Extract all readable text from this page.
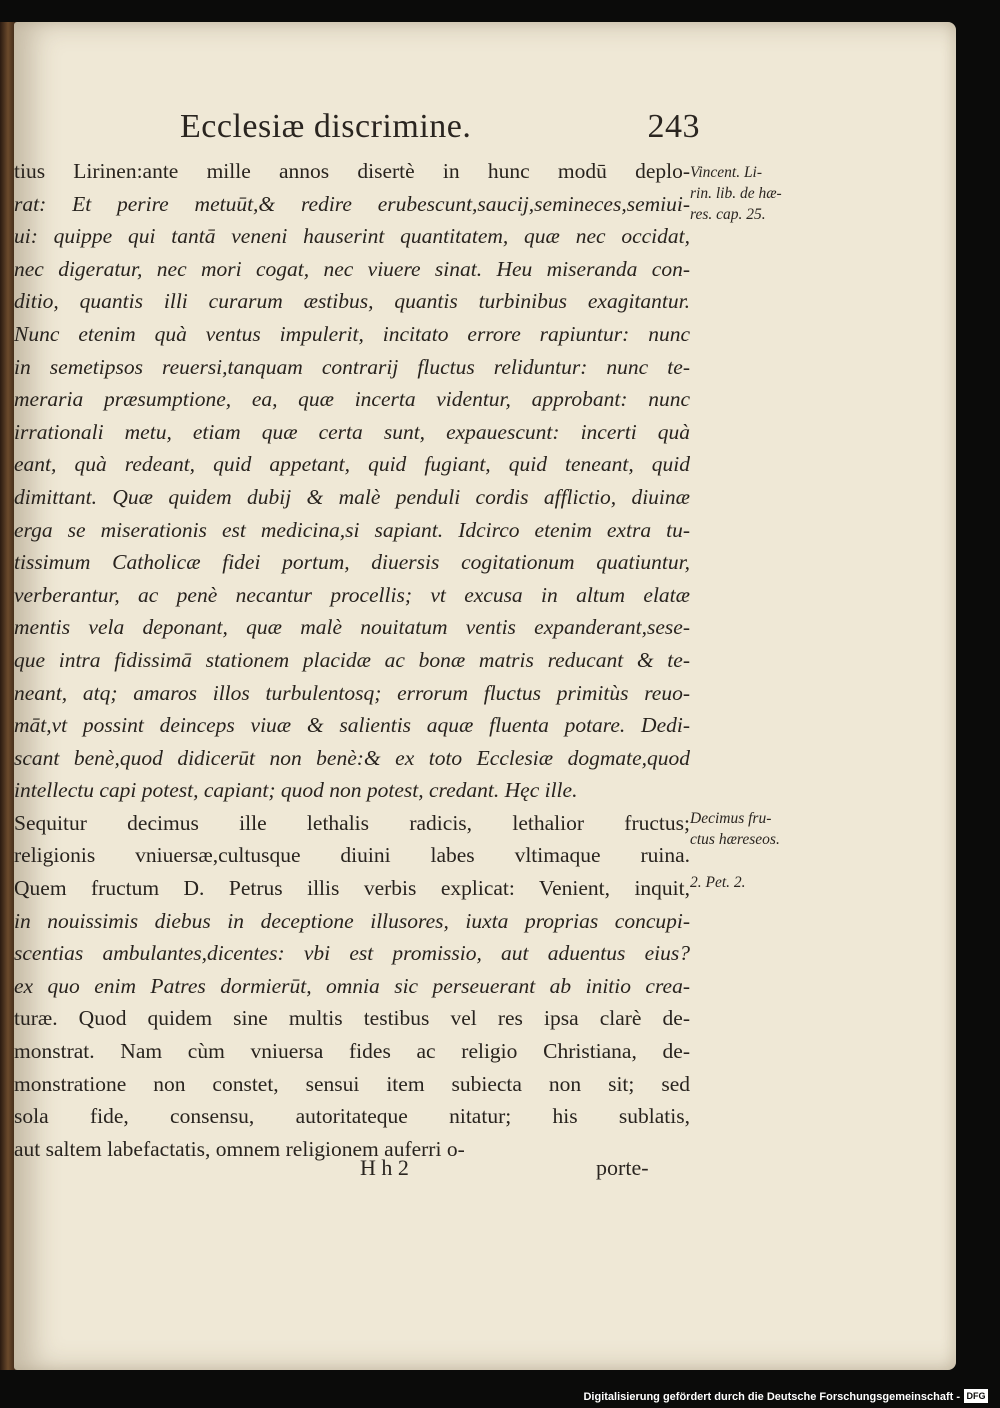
Ecclesiæ discrimine.	243
tius Lirinen:ante mille annos disertè in hunc modū deplo-
rat: Et perire metuūt,& redire erubescunt,saucij,semineces,semiui-
ui: quippe qui tantā veneni hauserint quantitatem, quæ nec occidat,
nec digeratur, nec mori cogat, nec viuere sinat. Heu miseranda con-
ditio, quantis illi curarum æstibus, quantis turbinibus exagitantur.
Nunc etenim quà ventus impulerit, incitato errore rapiuntur: nunc
in semetipsos reuersi,tanquam contrarij fluctus reliduntur: nunc te-
meraria præsumptione, ea, quæ incerta videntur, approbant: nunc
irrationali metu, etiam quæ certa sunt, expauescunt: incerti quà
eant, quà redeant, quid appetant, quid fugiant, quid teneant, quid
dimittant. Quæ quidem dubij & malè penduli cordis afflictio, diuinæ
erga se miserationis est medicina,si sapiant. Idcirco etenim extra tu-
tissimum Catholicæ fidei portum, diuersis cogitationum quatiuntur,
verberantur, ac penè necantur procellis; vt excusa in altum elatæ
mentis vela deponant, quæ malè nouitatum ventis expanderant,sese-
que intra fidissimā stationem placidæ ac bonæ matris reducant & te-
neant, atq; amaros illos turbulentosq; errorum fluctus primitùs reuo-
māt,vt possint deinceps viuæ & salientis aquæ fluenta potare. Dedi-
scant benè,quod didicerūt non benè:& ex toto Ecclesiæ dogmate,quod
intellectu capi potest, capiant; quod non potest, credant. Hęc ille.
Sequitur decimus ille lethalis radicis, lethalior fructus;
religionis vniuersæ,cultusque diuini labes vltimaque ruina.
Quem fructum D. Petrus illis verbis explicat: Venient, inquit,
in nouissimis diebus in deceptione illusores, iuxta proprias concupi-
scentias ambulantes,dicentes: vbi est promissio, aut aduentus eius?
ex quo enim Patres dormierūt, omnia sic perseuerant ab initio crea-
turæ. Quod quidem sine multis testibus vel res ipsa clarè de-
monstrat. Nam cùm vniuersa fides ac religio Christiana, de-
monstratione non constet, sensui item subiecta non sit; sed
sola fide, consensu, autoritateque nitatur; his sublatis,
aut saltem labefactatis, omnem religionem auferri o-
Vincent. Li-
rin. lib. de hæ-
res. cap. 25.
Decimus fru-
ctus hæreseos.
2. Pet. 2.
H h 2	porte-
Digitalisierung gefördert durch die Deutsche Forschungsgemeinschaft - DFG
